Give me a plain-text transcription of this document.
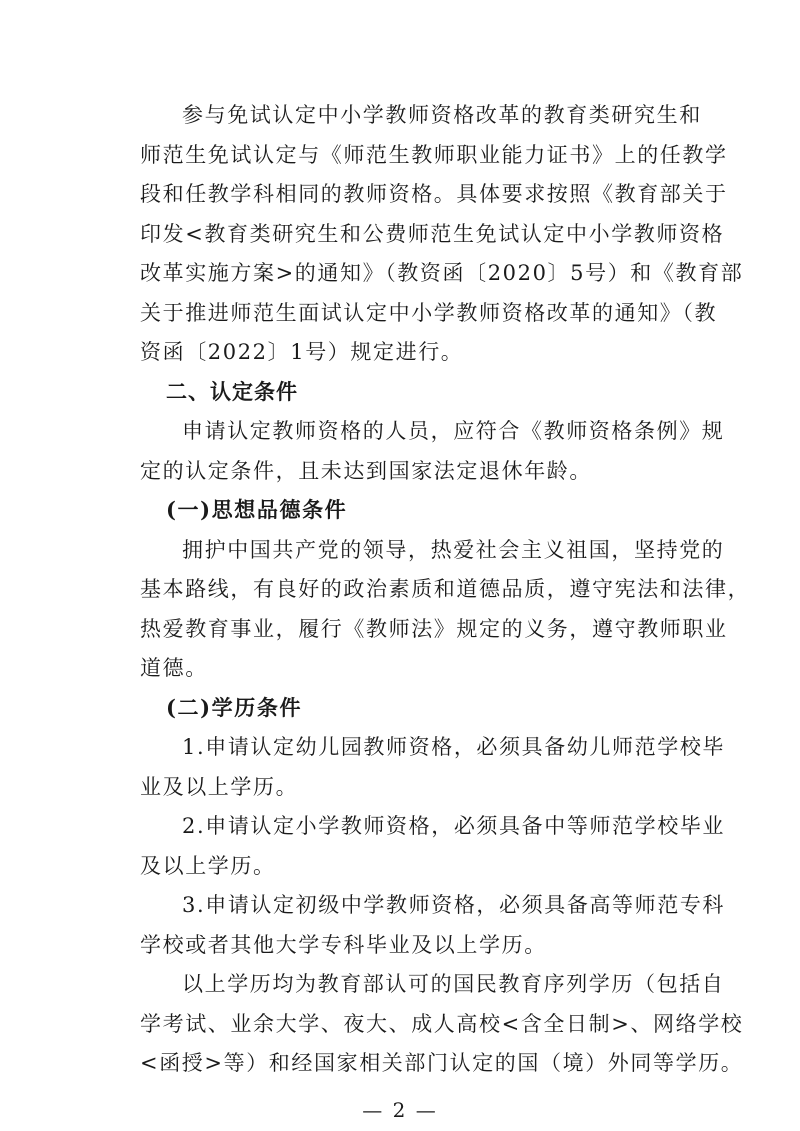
参与免试认定中小学教师资格改革的教育类研究生和
师范生免试认定与《师范生教师职业能力证书》上的任教学
段和任教学科相同的教师资格。具体要求按照《教育部关于
印发<教育类研究生和公费师范生免试认定中小学教师资格
改革实施方案>的通知》（教资函〔2020〕5号）和《教育部
关于推进师范生面试认定中小学教师资格改革的通知》（教
资函〔2022〕1号）规定进行。
二、认定条件
申请认定教师资格的人员，应符合《教师资格条例》规
定的认定条件，且未达到国家法定退休年龄。
(一)思想品德条件
拥护中国共产党的领导，热爱社会主义祖国，坚持党的
基本路线，有良好的政治素质和道德品质，遵守宪法和法律，
热爱教育事业，履行《教师法》规定的义务，遵守教师职业
道德。
(二)学历条件
1.申请认定幼儿园教师资格，必须具备幼儿师范学校毕
业及以上学历。
2.申请认定小学教师资格，必须具备中等师范学校毕业
及以上学历。
3.申请认定初级中学教师资格，必须具备高等师范专科
学校或者其他大学专科毕业及以上学历。
以上学历均为教育部认可的国民教育序列学历（包括自
学考试、业余大学、夜大、成人高校<含全日制>、网络学校
— 2 —
<函授>等）和经国家相关部门认定的国（境）外同等学历。
